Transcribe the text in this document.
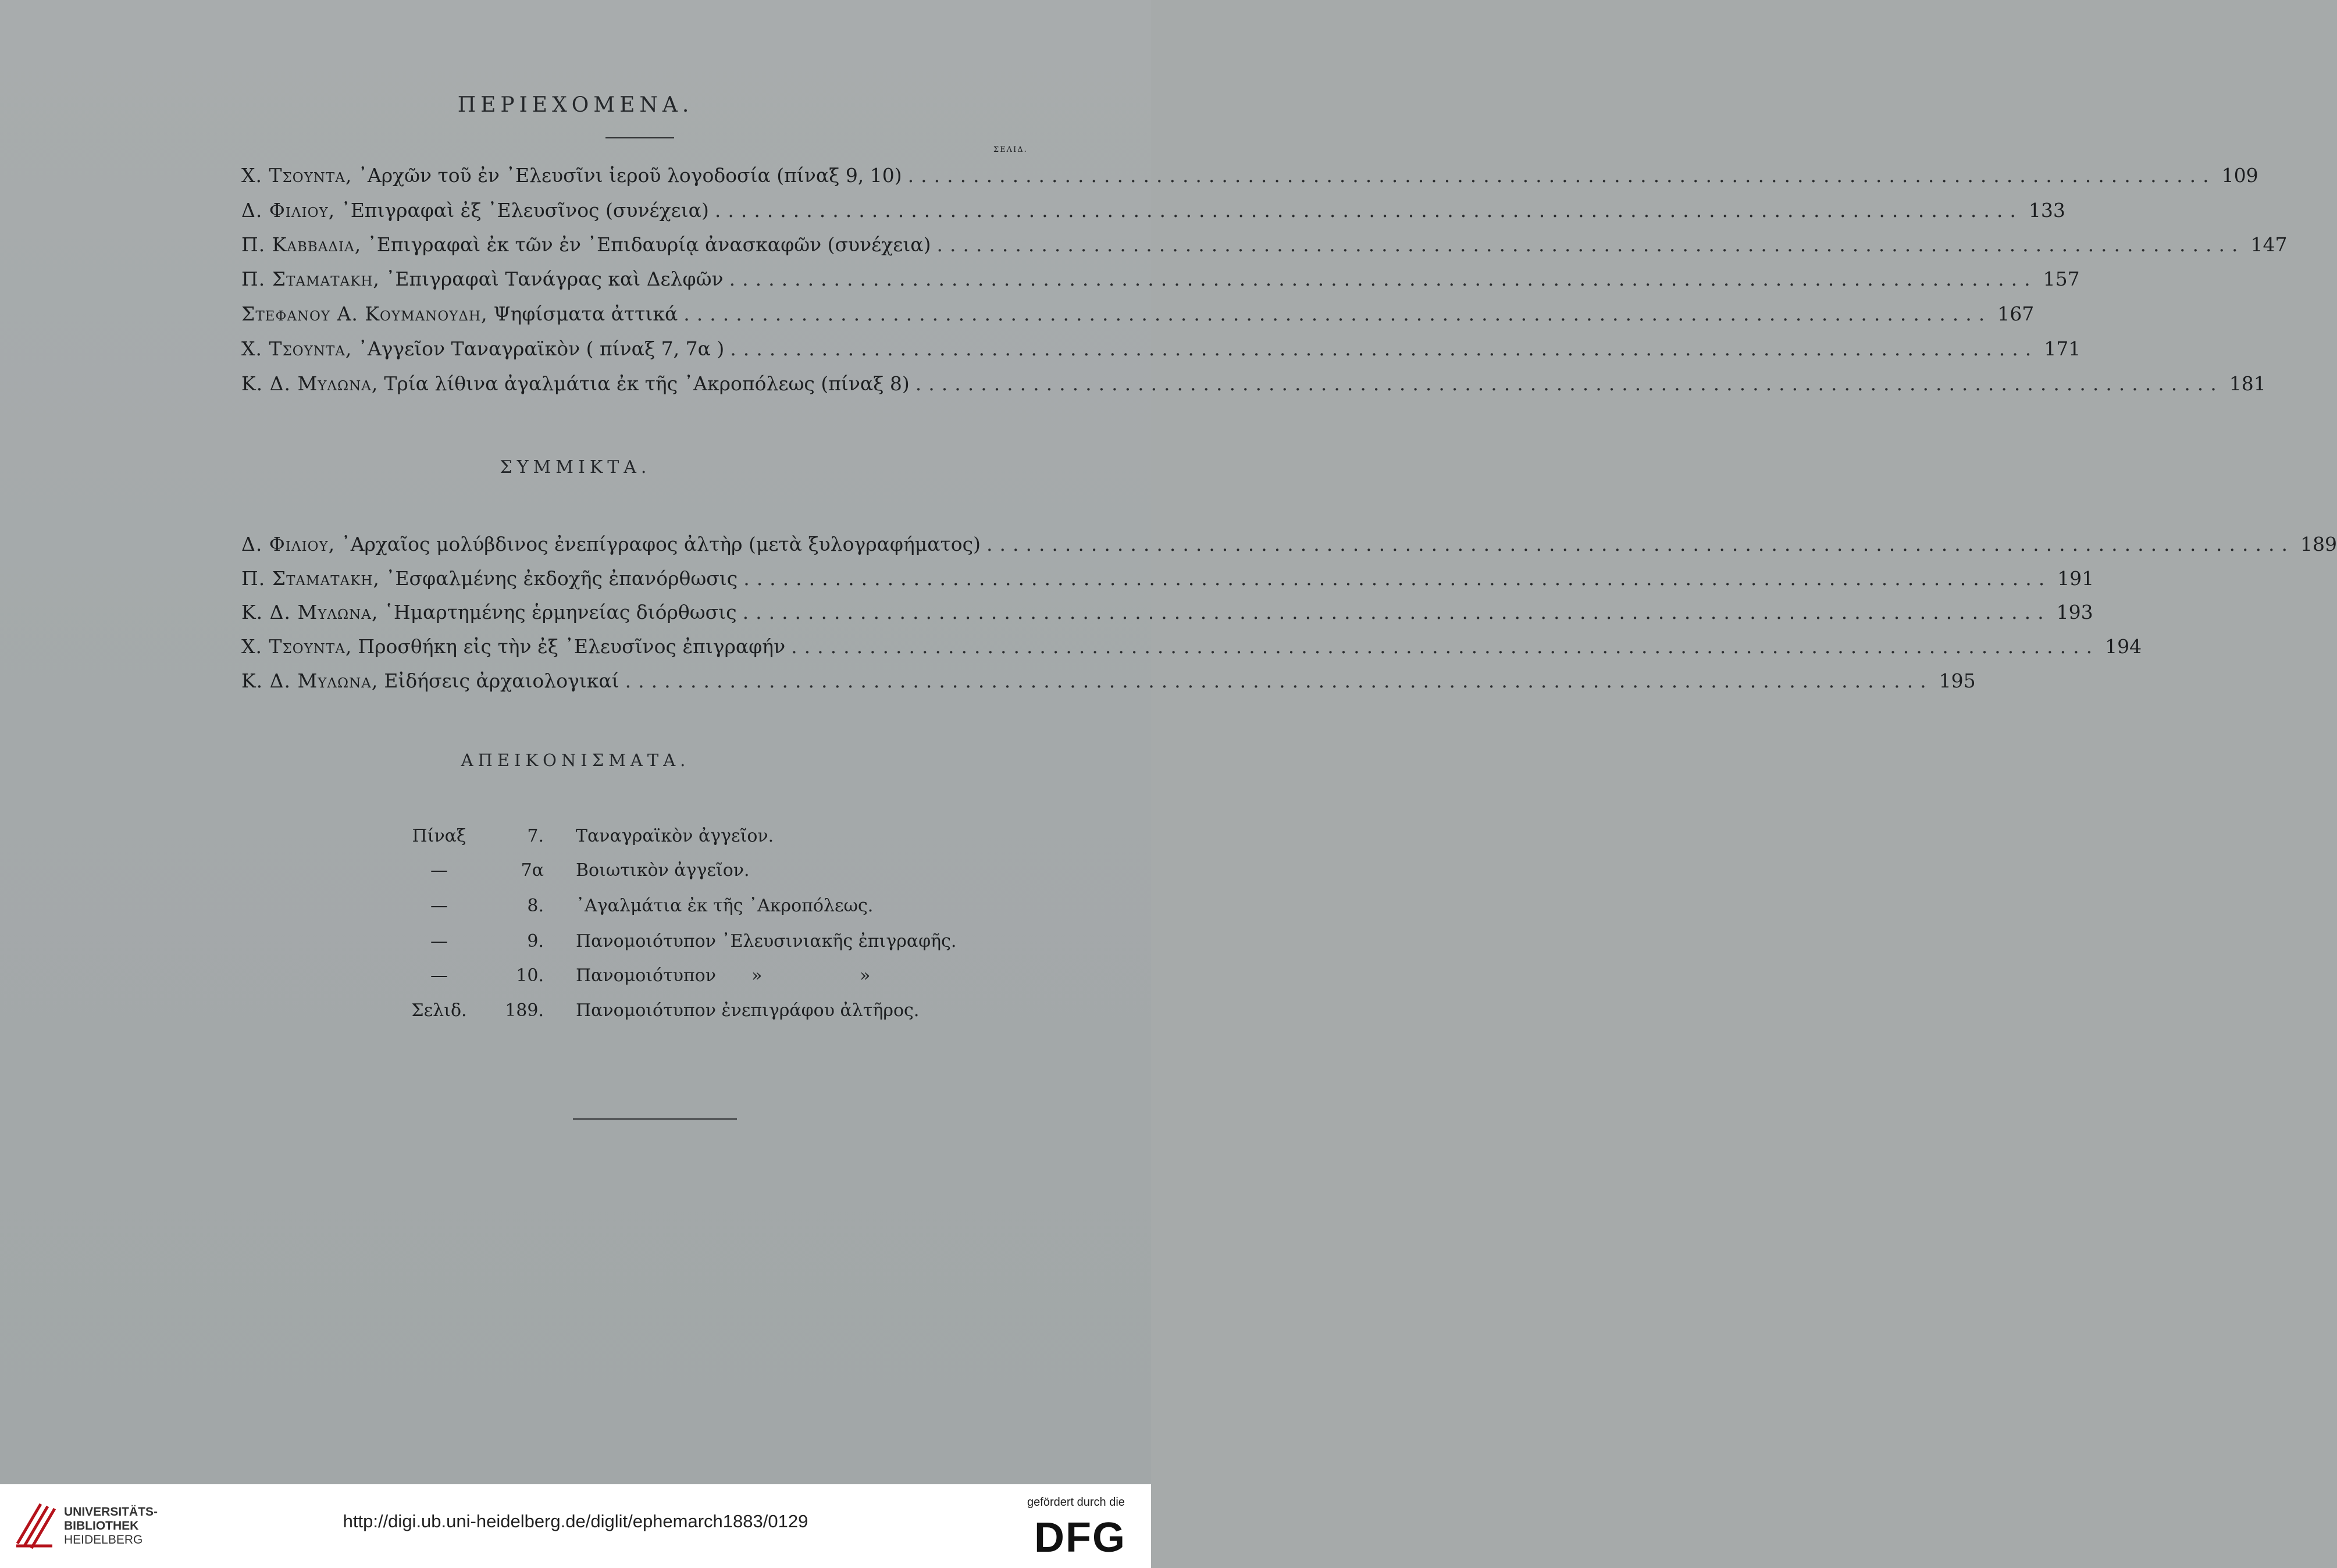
ΠΕΡΙΕΧΟΜΕΝΑ.
ΣΕΛΙΔ.
Χ. Τσουντα, ᾿Αρχῶν τοῦ ἐν ᾿Ελευσῖνι ἱεροῦ λογοδοσία (πίναξ 9, 10) .................................................................................................... 109
Δ. Φιλιου, ᾿Επιγραφαὶ ἐξ ᾿Ελευσῖνος (συνέχεια) .................................................................................................... 133
Π. Καββαδια, ᾿Επιγραφαὶ ἐκ τῶν ἐν ᾿Επιδαυρίᾳ ἀνασκαφῶν (συνέχεια) .................................................................................................... 147
Π. Σταματακη, ᾿Επιγραφαὶ Τανάγρας καὶ Δελφῶν .................................................................................................... 157
Στεφανου Α. Κουμανουδη, Ψηφίσματα ἀττικά .................................................................................................... 167
Χ. Τσουντα, ᾿Αγγεῖον Ταναγραϊκὸν ( πίναξ 7, 7α ) .................................................................................................... 171
Κ. Δ. Μυλωνα, Τρία λίθινα ἀγαλμάτια ἐκ τῆς ᾿Ακροπόλεως (πίναξ 8) .................................................................................................... 181
ΣΥΜΜΙΚΤΑ.
Δ. Φιλιου, ᾿Αρχαῖος μολύβδινος ἐνεπίγραφος ἀλτὴρ (μετὰ ξυλογραφήματος) .................................................................................................... 189
Π. Σταματακη, ᾿Εσφαλμένης ἐκδοχῆς ἐπανόρθωσις .................................................................................................... 191
Κ. Δ. Μυλωνα, ῾Ημαρτημένης ἑρμηνείας διόρθωσις .................................................................................................... 193
Χ. Τσουντα, Προσθήκη εἰς τὴν ἐξ ᾿Ελευσῖνος ἐπιγραφήν .................................................................................................... 194
Κ. Δ. Μυλωνα, Εἰδήσεις ἀρχαιολογικαί .................................................................................................... 195
ΑΠΕΙΚΟΝΙΣΜΑΤΑ.
Πίναξ	7. Ταναγραϊκὸν ἀγγεῖον.
—	7α Βοιωτικὸν ἀγγεῖον.
—	8. ᾿Αγαλμάτια ἐκ τῆς ᾿Ακροπόλεως.
—	9. Πανομοιότυπον ᾿Ελευσινιακῆς ἐπιγραφῆς.
—	10. Πανομοιότυπον »	»
Σελιδ.	189. Πανομοιότυπον ἐνεπιγράφου ἀλτῆρος.
UNIVERSITÄTS-
BIBLIOTHEK
HEIDELBERG
http://digi.ub.uni-heidelberg.de/diglit/ephemarch1883/0129
gefördert durch die
DFG
